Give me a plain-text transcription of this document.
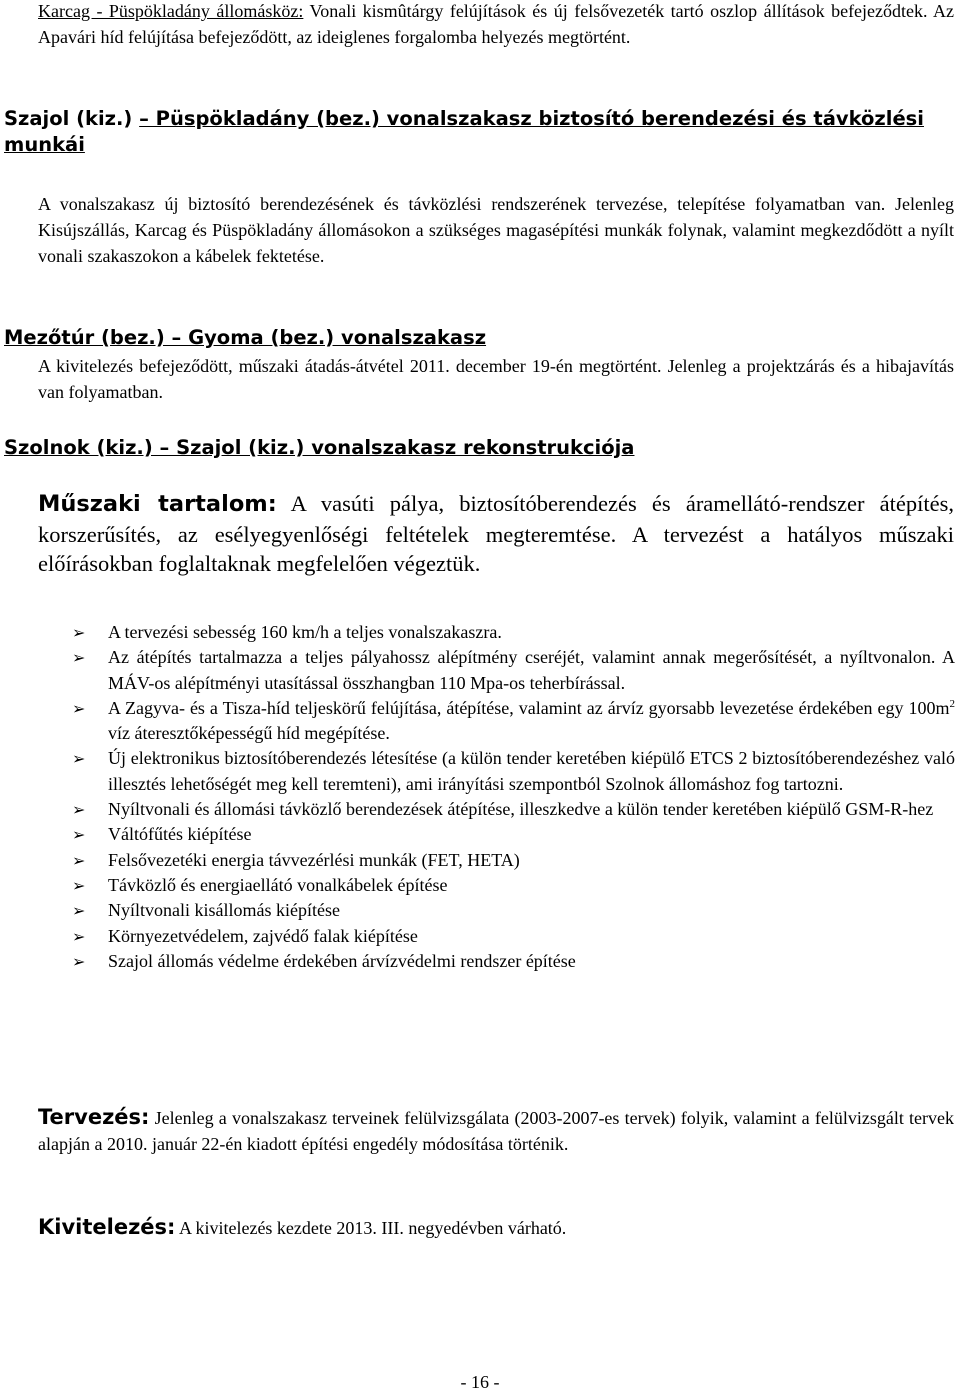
Karcag - Püspökladány állomásköz: Vonali kismûtárgy felújítások és új felsővezeték tartó oszlop állítások befejeződtek. Az Apavári híd felújítása befejeződött, az ideiglenes forgalomba helyezés megtörtént.
Szajol (kiz.) – Püspökladány (bez.) vonalszakasz biztosító berendezési és távközlési munkái
A vonalszakasz új biztosító berendezésének és távközlési rendszerének tervezése, telepítése folyamatban van. Jelenleg Kisújszállás, Karcag és Püspökladány állomásokon a szükséges magasépítési munkák folynak, valamint megkezdődött a nyílt vonali szakaszokon a kábelek fektetése.
Mezőtúr (bez.) – Gyoma (bez.) vonalszakasz
A kivitelezés befejeződött, műszaki átadás-átvétel 2011. december 19-én megtörtént. Jelenleg a projektzárás és a hibajavítás van folyamatban.
Szolnok (kiz.) – Szajol (kiz.) vonalszakasz rekonstrukciója
Műszaki tartalom: A vasúti pálya, biztosítóberendezés és áramellátó-rendszer átépítés, korszerűsítés, az esélyegyenlőségi feltételek megteremtése. A tervezést a hatályos műszaki előírásokban foglaltaknak megfelelően végeztük.
➢ A tervezési sebesség 160 km/h a teljes vonalszakaszra.
➢ Az átépítés tartalmazza a teljes pályahossz alépítmény cseréjét, valamint annak megerősítését, a nyíltvonalon. A MÁV-os alépítményi utasítással összhangban 110 Mpa-os teherbírással.
➢ A Zagyva- és a Tisza-híd teljeskörű felújítása, átépítése, valamint az árvíz gyorsabb levezetése érdekében egy $100m^2$ víz áteresztőképességű híd megépítése.
➢ Új elektronikus biztosítóberendezés létesítése (a külön tender keretében kiépülő ETCS 2 biztosítóberendezéshez való illesztés lehetőségét meg kell teremteni), ami irányítási szempontból Szolnok állomáshoz fog tartozni.
➢ Nyíltvonali és állomási távközlő berendezések átépítése, illeszkedve a külön tender keretében kiépülő GSM-R-hez
➢ Váltófűtés kiépítése
➢ Felsővezetéki energia távvezérlési munkák (FET, HETA)
➢ Távközlő és energiaellátó vonalkábelek építése
➢ Nyíltvonali kisállomás kiépítése
➢ Környezetvédelem, zajvédő falak kiépítése
➢ Szajol állomás védelme érdekében árvízvédelmi rendszer építése
Tervezés: Jelenleg a vonalszakasz terveinek felülvizsgálata (2003-2007-es tervek) folyik, valamint a felülvizsgált tervek alapján a 2010. január 22-én kiadott építési engedély módosítása történik.
Kivitelezés: A kivitelezés kezdete 2013. III. negyedévben várható.
- 16 -
